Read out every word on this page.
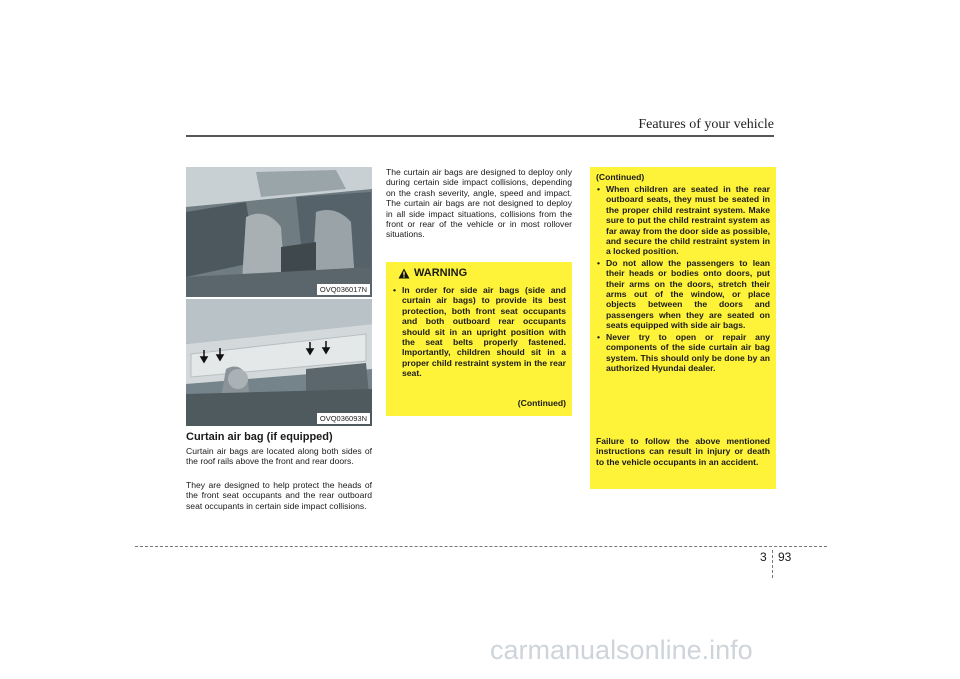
Features of your vehicle
OVQ036017N
OVQ036093N
Curtain air bag (if equipped)

Curtain air bags are located along both sides of the roof rails above the front and rear doors.

They are designed to help protect the heads of the front seat occupants and the rear outboard seat occupants in certain side impact collisions.

The curtain air bags are designed to deploy only during certain side impact collisions, depending on the crash severity, angle, speed and impact. The curtain air bags are not designed to deploy in all side impact situations, collisions from the front or rear of the vehicle or in most rollover situations.

WARNING
• In order for side air bags (side and curtain air bags) to provide its best protection, both front seat occupants and both outboard rear occupants should sit in an upright position with the seat belts properly fastened. Importantly, children should sit in a proper child restraint system in the rear seat.
(Continued)
(Continued)
• When children are seated in the rear outboard seats, they must be seated in the proper child restraint system. Make sure to put the child restraint system as far away from the door side as possible, and secure the child restraint system in a locked position.
• Do not allow the passengers to lean their heads or bodies onto doors, put their arms on the doors, stretch their arms out of the window, or place objects between the doors and passengers when they are seated on seats equipped with side air bags.
• Never try to open or repair any components of the side curtain air bag system. This should only be done by an authorized Hyundai dealer.
Failure to follow the above mentioned instructions can result in injury or death to the vehicle occupants in an accident.
3 93
carmanualsonline.info
